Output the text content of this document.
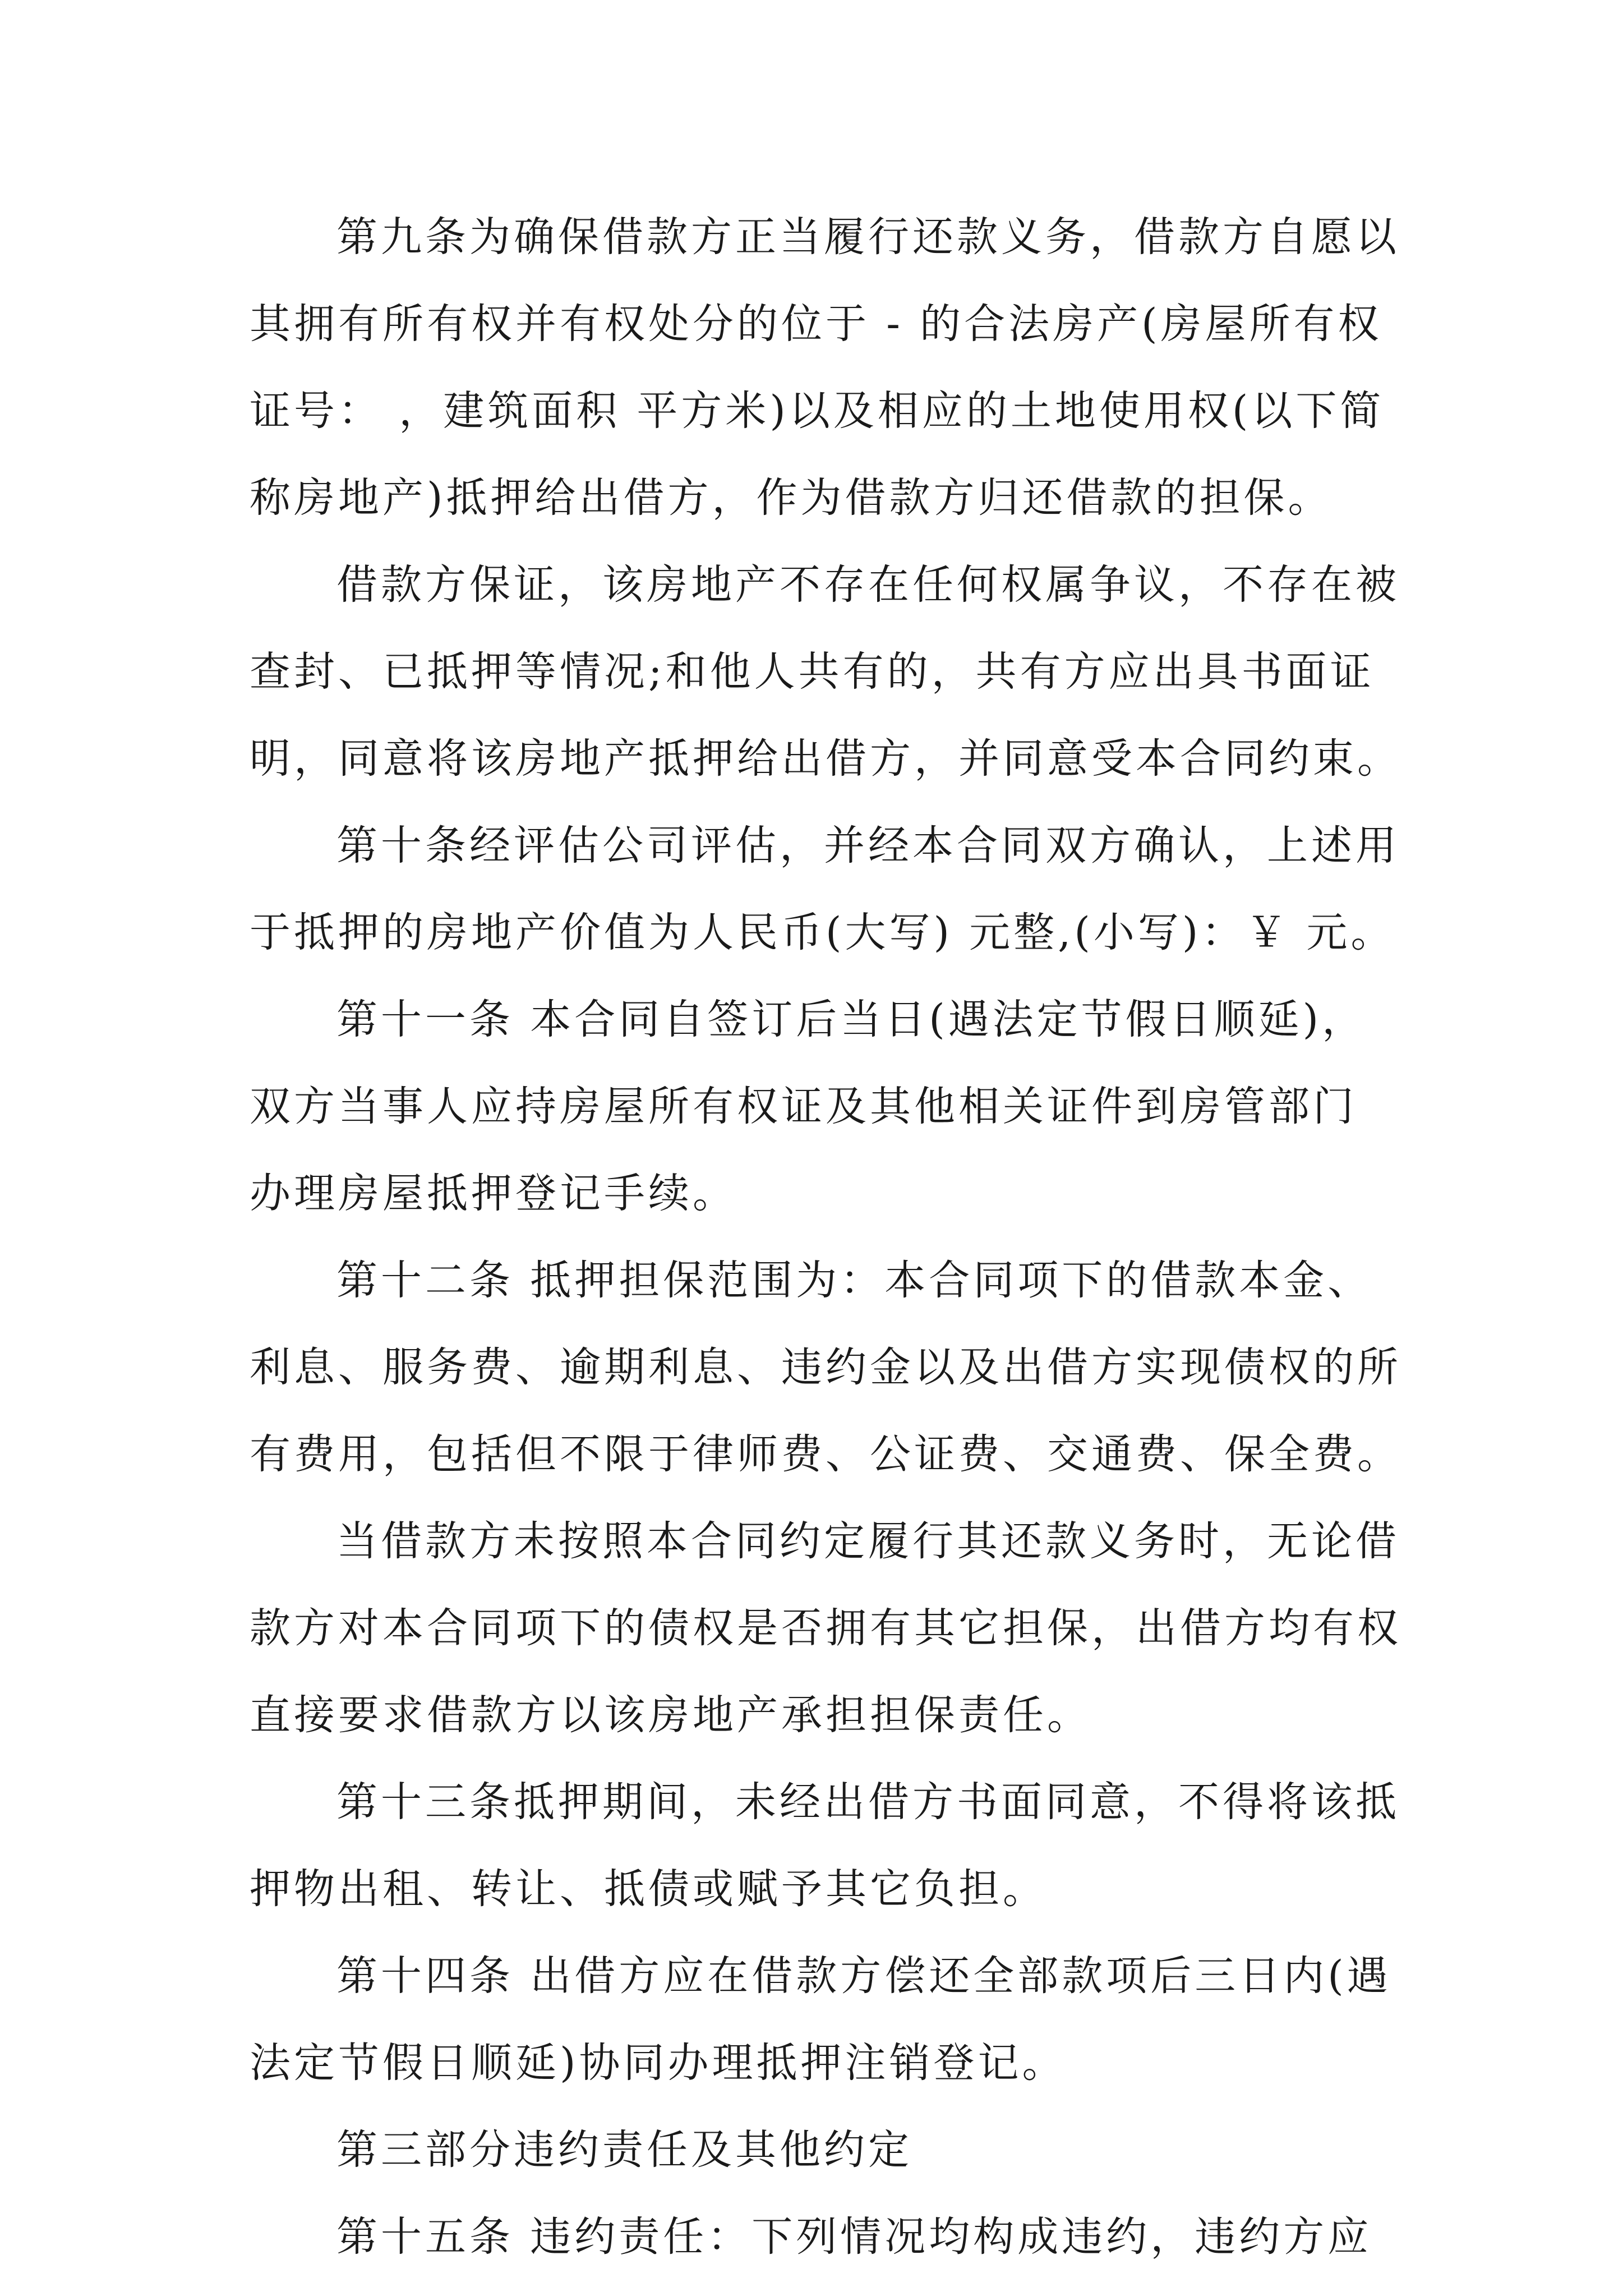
第九条为确保借款方正当履行还款义务，借款方自愿以
其拥有所有权并有权处分的位于 - 的合法房产(房屋所有权
证号： ，建筑面积 平方米)以及相应的土地使用权(以下简
称房地产)抵押给出借方，作为借款方归还借款的担保。
借款方保证，该房地产不存在任何权属争议，不存在被
查封、已抵押等情况;和他人共有的，共有方应出具书面证
明，同意将该房地产抵押给出借方，并同意受本合同约束。
第十条经评估公司评估，并经本合同双方确认，上述用
于抵押的房地产价值为人民币(大写) 元整,(小写)：￥ 元。
第十一条 本合同自签订后当日(遇法定节假日顺延)，
双方当事人应持房屋所有权证及其他相关证件到房管部门
办理房屋抵押登记手续。
第十二条 抵押担保范围为：本合同项下的借款本金、
利息、服务费、逾期利息、违约金以及出借方实现债权的所
有费用，包括但不限于律师费、公证费、交通费、保全费。
当借款方未按照本合同约定履行其还款义务时，无论借
款方对本合同项下的债权是否拥有其它担保，出借方均有权
直接要求借款方以该房地产承担担保责任。
第十三条抵押期间，未经出借方书面同意，不得将该抵
押物出租、转让、抵债或赋予其它负担。
第十四条 出借方应在借款方偿还全部款项后三日内(遇
法定节假日顺延)协同办理抵押注销登记。
第三部分违约责任及其他约定
第十五条 违约责任：下列情况均构成违约，违约方应
